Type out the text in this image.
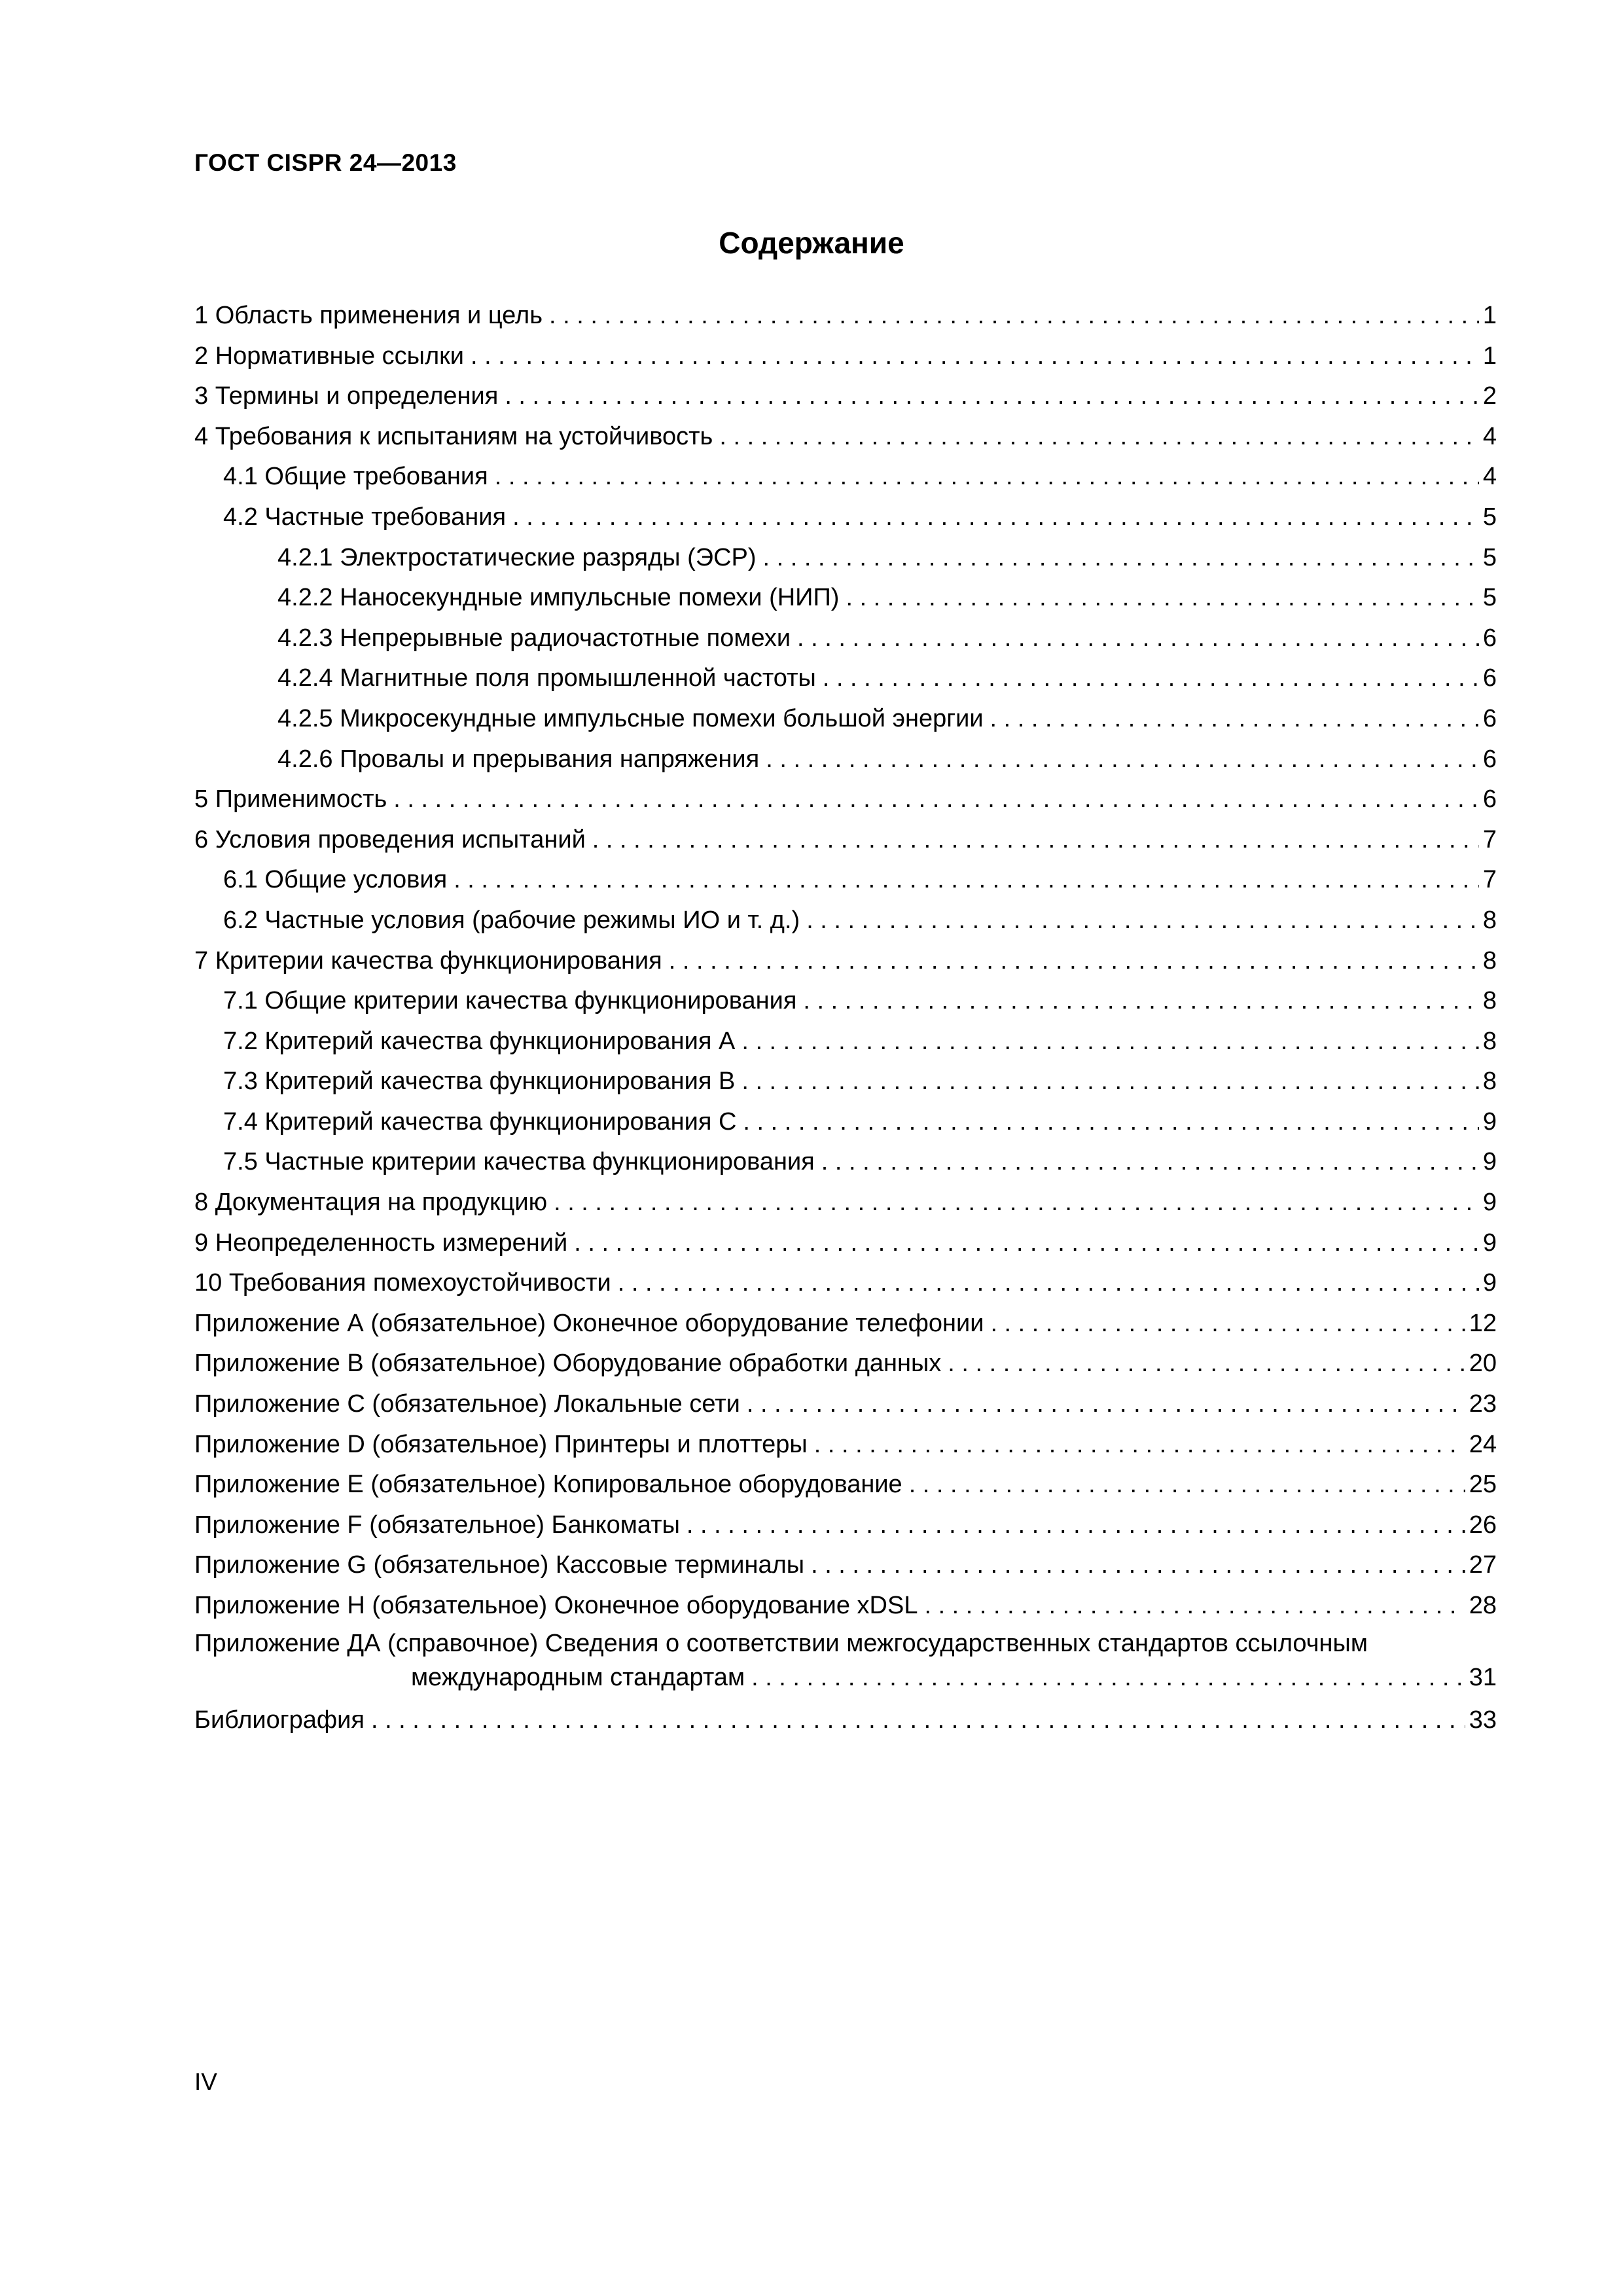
ГОСТ CISPR 24—2013
Содержание
1 Область применения и цель . . .	1
2 Нормативные ссылки . . .	1
3 Термины и определения . . .	2
4 Требования к испытаниям на устойчивость . . .	4
4.1 Общие требования . . .	4
4.2 Частные требования . . .	5
4.2.1 Электростатические разряды (ЭСР) . . .	5
4.2.2 Наносекундные импульсные помехи (НИП) . . .	5
4.2.3 Непрерывные радиочастотные помехи . . .	6
4.2.4 Магнитные поля промышленной частоты . . .	6
4.2.5 Микросекундные импульсные помехи большой энергии . . .	6
4.2.6 Провалы и прерывания напряжения . . .	6
5 Применимость . . .	6
6 Условия проведения испытаний . . .	7
6.1 Общие условия . . .	7
6.2 Частные условия (рабочие режимы ИО и т. д.) . . .	8
7 Критерии качества функционирования . . .	8
7.1 Общие критерии качества функционирования . . .	8
7.2 Критерий качества функционирования А . . .	8
7.3 Критерий качества функционирования В . . .	8
7.4 Критерий качества функционирования С . . .	9
7.5 Частные критерии качества функционирования . . .	9
8 Документация на продукцию . . .	9
9 Неопределенность измерений . . .	9
10 Требования помехоустойчивости . . .	9
Приложение А (обязательное) Оконечное оборудование телефонии . . .	12
Приложение В (обязательное) Оборудование обработки данных . . .	20
Приложение С (обязательное) Локальные сети . . .	23
Приложение D (обязательное) Принтеры и плоттеры . . .	24
Приложение Е (обязательное) Копировальное оборудование . . .	25
Приложение F (обязательное) Банкоматы . . .	26
Приложение G (обязательное) Кассовые терминалы . . .	27
Приложение Н (обязательное) Оконечное оборудование xDSL . . .	28
Приложение ДА (справочное) Сведения о соответствии межгосударственных стандартов ссылочным
международным стандартам . . .	31
Библиография . . .	33
IV
